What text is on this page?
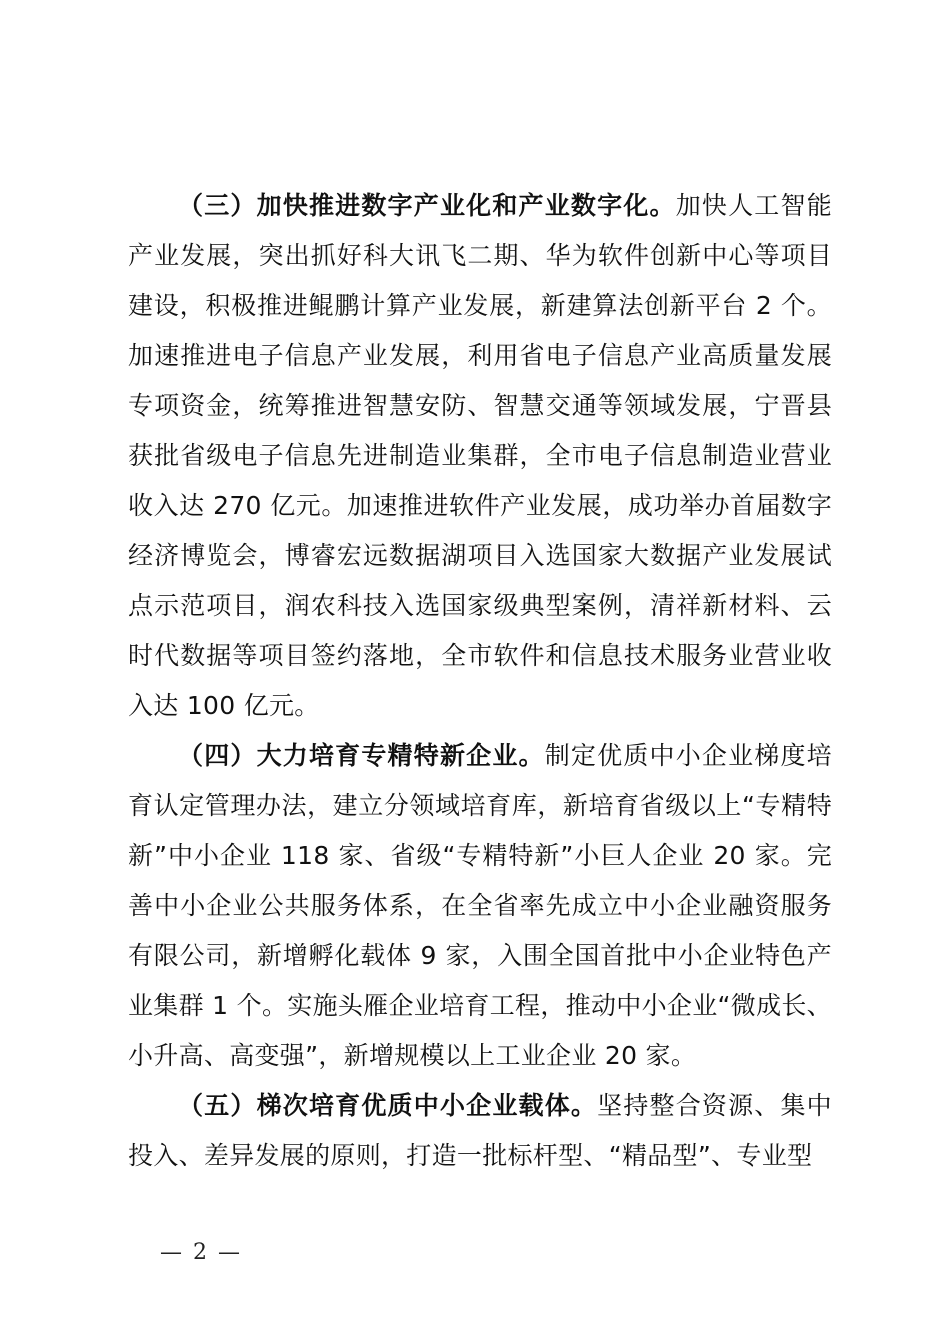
（三）加快推进数字产业化和产业数字化。加快人工智能产业发展，突出抓好科大讯飞二期、华为软件创新中心等项目建设，积极推进鲲鹏计算产业发展，新建算法创新平台 2 个。加速推进电子信息产业发展，利用省电子信息产业高质量发展专项资金，统筹推进智慧安防、智慧交通等领域发展，宁晋县获批省级电子信息先进制造业集群，全市电子信息制造业营业收入达 270 亿元。加速推进软件产业发展，成功举办首届数字经济博览会，博睿宏远数据湖项目入选国家大数据产业发展试点示范项目，润农科技入选国家级典型案例，清祥新材料、云时代数据等项目签约落地，全市软件和信息技术服务业营业收入达 100 亿元。

（四）大力培育专精特新企业。制定优质中小企业梯度培育认定管理办法，建立分领域培育库，新培育省级以上“专精特新”中小企业 118 家、省级“专精特新”小巨人企业 20 家。完善中小企业公共服务体系，在全省率先成立中小企业融资服务有限公司，新增孵化载体 9 家，入围全国首批中小企业特色产业集群 1 个。实施头雁企业培育工程，推动中小企业“微成长、小升高、高变强”，新增规模以上工业企业 20 家。

（五）梯次培育优质中小企业载体。坚持整合资源、集中投入、差异发展的原则，打造一批标杆型、“精品型”、专业型

— 2 —
